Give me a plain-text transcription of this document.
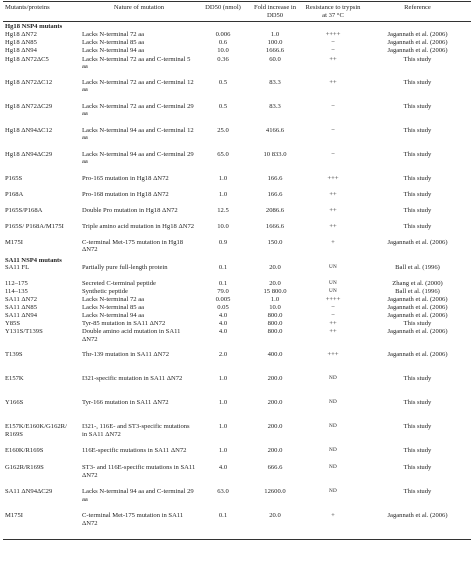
Mutants/proteins	Nature of mutation	DD50 (nmol)	Fold increase in DD50	Resistance to trypsin at 37 °C	Reference
Hg18 NSP4 mutants					
Hg18 ΔN72	Lacks N-terminal 72 aa	0.006	1.0	++++	Jagannath et al. (2006)
Hg18 ΔN85	Lacks N-terminal 85 aa	0.6	100.0	−	Jagannath et al. (2006)
Hg18 ΔN94	Lacks N-terminal 94 aa	10.0	1666.6	−	Jagannath et al. (2006)
Hg18 ΔN72ΔC5	Lacks N-terminal 72 aa and C-terminal 5 aa	0.36	60.0	++	This study
Hg18 ΔN72ΔC12	Lacks N-terminal 72 aa and C-terminal 12 aa	0.5	83.3	++	This study
Hg18 ΔN72ΔC29	Lacks N-terminal 72 aa and C-terminal 29 aa	0.5	83.3	−	This study
Hg18 ΔN94ΔC12	Lacks N-terminal 94 aa and C-terminal 12 aa	25.0	4166.6	−	This study
Hg18 ΔN94ΔC29	Lacks N-terminal 94 aa and C-terminal 29 aa	65.0	10 833.0	−	This study
P165S	Pro-165 mutation in Hg18 ΔN72	1.0	166.6	+++	This study
P168A	Pro-168 mutation in Hg18 ΔN72	1.0	166.6	++	This study
P165S/P168A	Double Pro mutation in Hg18 ΔN72	12.5	2086.6	++	This study
P165S/ P168A/M175I	Triple amino acid mutation in Hg18 ΔN72	10.0	1666.6	++	This study
M175I	C-terminal Met-175 mutation in Hg18 ΔN72	0.9	150.0	+	Jagannath et al. (2006)
SA11 NSP4 mutants					
SA11 FL	Partially pure full-length protein	0.1	20.0	UN	Ball et al. (1996)
112–175	Secreted C-terminal peptide	0.1	20.0	UN	Zhang et al. (2000)
114–135	Synthetic peptide	79.0	15 800.0	UN	Ball et al. (1996)
SA11 ΔN72	Lacks N-terminal 72 aa	0.005	1.0	++++	Jagannath et al. (2006)
SA11 ΔN85	Lacks N-terminal 85 aa	0.05	10.0	−	Jagannath et al. (2006)
SA11 ΔN94	Lacks N-terminal 94 aa	4.0	800.0	−	Jagannath et al. (2006)
Y85S	Tyr-85 mutation in SA11 ΔN72	4.0	800.0	++	This study
Y131S/T139S	Double amino acid mutation in SA11 ΔN72	4.0	800.0	++	Jagannath et al. (2006)
T139S	Thr-139 mutation in SA11 ΔN72	2.0	400.0	+++	Jagannath et al. (2006)
E157K	I321-specific mutation in SA11 ΔN72	1.0	200.0	ND	This study
Y166S	Tyr-166 mutation in SA11 ΔN72	1.0	200.0	ND	This study
E157K/E160K/G162R/ R169S	I321-, 116E- and ST3-specific mutations in SA11 ΔN72	1.0	200.0	ND	This study
E160K/R169S	116E-specific mutations in SA11 ΔN72	1.0	200.0	ND	This study
G162R/R169S	ST3- and 116E-specific mutations in SA11 ΔN72	4.0	666.6	ND	This study
SA11 ΔN94ΔC29	Lacks N-terminal 94 aa and C-terminal 29 aa	63.0	12600.0	ND	This study
M175I	C-terminal Met-175 mutation in SA11 ΔN72	0.1	20.0	+	Jagannath et al. (2006)
